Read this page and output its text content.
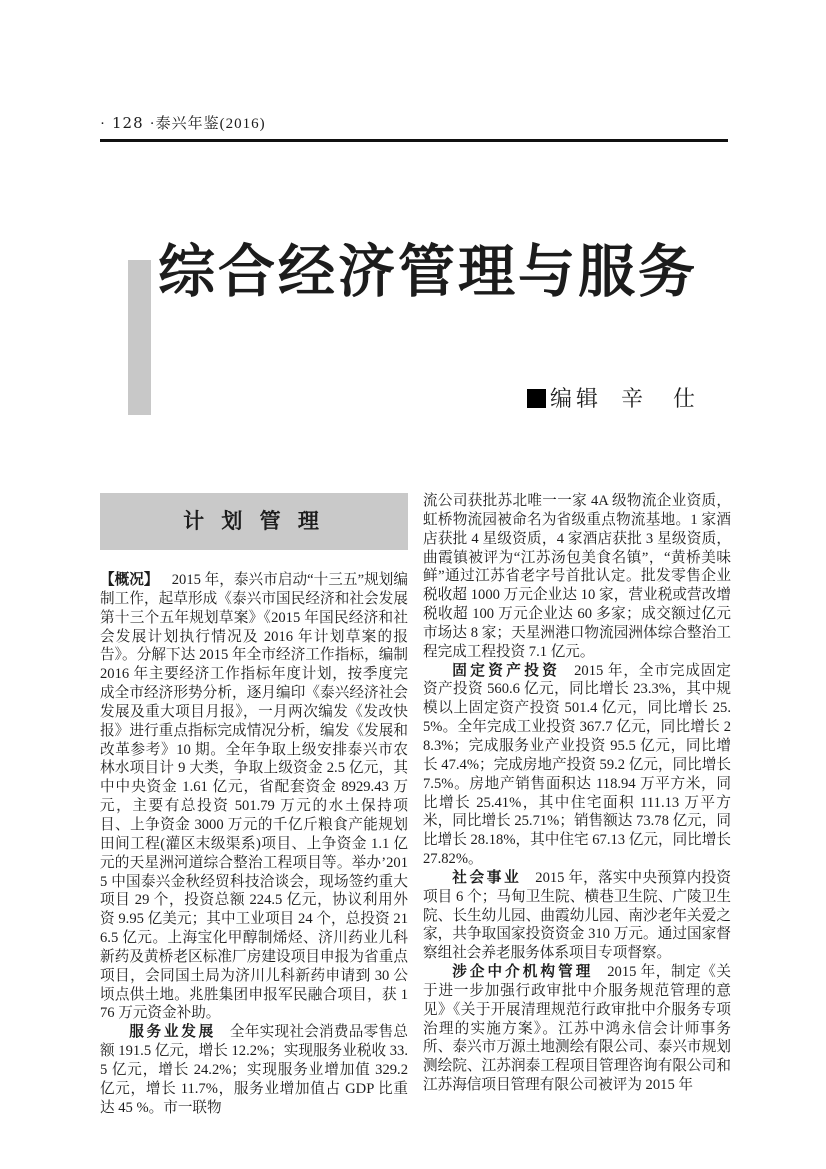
· 128 ·泰兴年鉴(2016)
综合经济管理与服务
编辑 辛　仕
计 划 管 理

【概况】 2015 年，泰兴市启动“十三五”规划编制工作，起草形成《泰兴市国民经济和社会发展第十三个五年规划草案》《2015 年国民经济和社会发展计划执行情况及 2016 年计划草案的报告》。分解下达 2015 年全市经济工作指标，编制 2016 年主要经济工作指标年度计划，按季度完成全市经济形势分析，逐月编印《泰兴经济社会发展及重大项目月报》，一月两次编发《发改快报》进行重点指标完成情况分析，编发《发展和改革参考》10 期。全年争取上级安排泰兴市农林水项目计 9 大类，争取上级资金 2.5 亿元，其中中央资金 1.61 亿元，省配套资金 8929.43 万元，主要有总投资 501.79 万元的水土保持项目、上争资金 3000 万元的千亿斤粮食产能规划田间工程(灌区末级渠系)项目、上争资金 1.1 亿元的天星洲河道综合整治工程项目等。举办’2015 中国泰兴金秋经贸科技洽谈会，现场签约重大项目 29 个，投资总额 224.5 亿元，协议利用外资 9.95 亿美元；其中工业项目 24 个，总投资 216.5 亿元。上海宝化甲醇制烯烃、济川药业儿科新药及黄桥老区标准厂房建设项目申报为省重点项目，会同国土局为济川儿科新药申请到 30 公顷点供土地。兆胜集团申报军民融合项目，获 176 万元资金补助。

服务业发展 全年实现社会消费品零售总额 191.5 亿元，增长 12.2%；实现服务业税收 33.5 亿元，增长 24.2%；实现服务业增加值 329.2 亿元，增长 11.7%，服务业增加值占 GDP 比重达 45 %。市一联物

流公司获批苏北唯一一家 4A 级物流企业资质，虹桥物流园被命名为省级重点物流基地。1 家酒店获批 4 星级资质，4 家酒店获批 3 星级资质，曲霞镇被评为“江苏汤包美食名镇”，“黄桥美味鲜”通过江苏省老字号首批认定。批发零售企业税收超 1000 万元企业达 10 家，营业税或营改增税收超 100 万元企业达 60 多家；成交额过亿元市场达 8 家；天星洲港口物流园洲体综合整治工程完成工程投资 7.1 亿元。

固定资产投资 2015 年，全市完成固定资产投资 560.6 亿元，同比增长 23.3%，其中规模以上固定资产投资 501.4 亿元，同比增长 25.5%。全年完成工业投资 367.7 亿元，同比增长 28.3%；完成服务业产业投资 95.5 亿元，同比增长 47.4%；完成房地产投资 59.2 亿元，同比增长 7.5%。房地产销售面积达 118.94 万平方米，同比增长 25.41%，其中住宅面积 111.13 万平方米，同比增长 25.71%；销售额达 73.78 亿元，同比增长 28.18%，其中住宅 67.13 亿元，同比增长 27.82%。

社会事业 2015 年，落实中央预算内投资项目 6 个；马甸卫生院、横巷卫生院、广陵卫生院、长生幼儿园、曲霞幼儿园、南沙老年关爱之家，共争取国家投资资金 310 万元。通过国家督察组社会养老服务体系项目专项督察。

涉企中介机构管理 2015 年，制定《关于进一步加强行政审批中介服务规范管理的意见》《关于开展清理规范行政审批中介服务专项治理的实施方案》。江苏中鸿永信会计师事务所、泰兴市万源土地测绘有限公司、泰兴市规划测绘院、江苏润泰工程项目管理咨询有限公司和江苏海信项目管理有限公司被评为 2015 年
